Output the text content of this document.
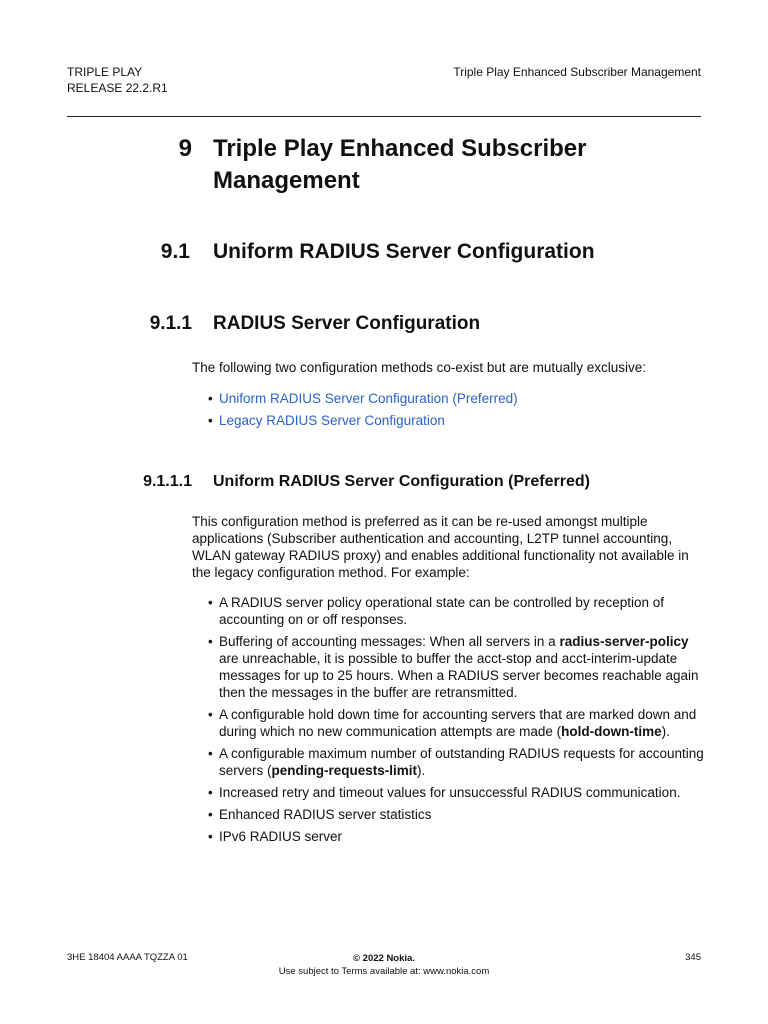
TRIPLE PLAY
RELEASE 22.2.R1
Triple Play Enhanced Subscriber Management
9 Triple Play Enhanced Subscriber Management
9.1 Uniform RADIUS Server Configuration
9.1.1 RADIUS Server Configuration
The following two configuration methods co-exist but are mutually exclusive:
• Uniform RADIUS Server Configuration (Preferred)
• Legacy RADIUS Server Configuration
9.1.1.1 Uniform RADIUS Server Configuration (Preferred)
This configuration method is preferred as it can be re-used amongst multiple applications (Subscriber authentication and accounting, L2TP tunnel accounting, WLAN gateway RADIUS proxy) and enables additional functionality not available in the legacy configuration method. For example:
• A RADIUS server policy operational state can be controlled by reception of accounting on or off responses.
• Buffering of accounting messages: When all servers in a radius-server-policy are unreachable, it is possible to buffer the acct-stop and acct-interim-update messages for up to 25 hours. When a RADIUS server becomes reachable again then the messages in the buffer are retransmitted.
• A configurable hold down time for accounting servers that are marked down and during which no new communication attempts are made (hold-down-time).
• A configurable maximum number of outstanding RADIUS requests for accounting servers (pending-requests-limit).
• Increased retry and timeout values for unsuccessful RADIUS communication.
• Enhanced RADIUS server statistics
• IPv6 RADIUS server
3HE 18404 AAAA TQZZA 01	© 2022 Nokia.
Use subject to Terms available at: www.nokia.com
345
